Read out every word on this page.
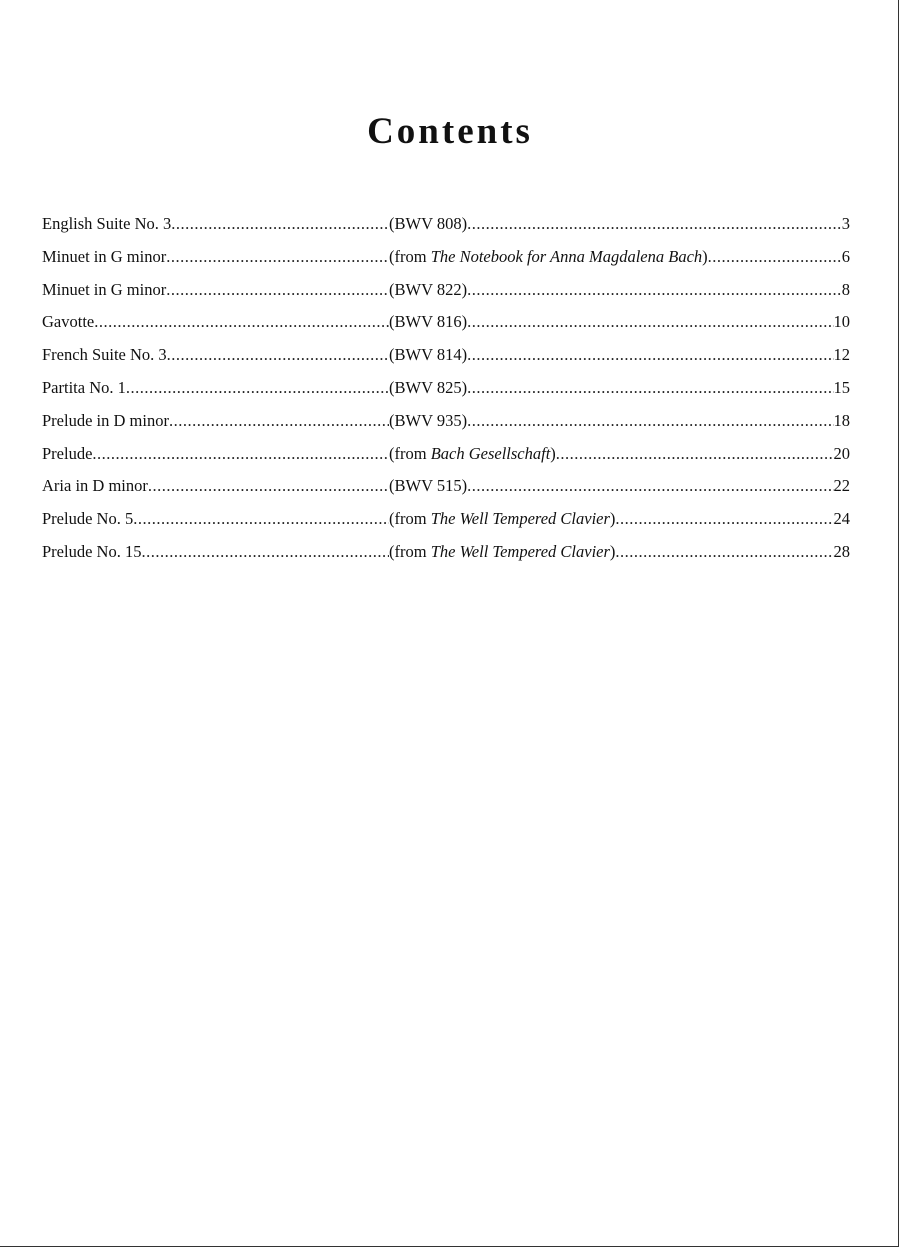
Contents
English Suite No. 3 .....	(BWV 808) .....	3
Minuet in G minor .....	(from The Notebook for Anna Magdalena Bach) .....	6
Minuet in G minor .....	(BWV 822) .....	8
Gavotte .....	(BWV 816) .....	10
French Suite No. 3 .....	(BWV 814) .....	12
Partita No. 1 .....	(BWV 825) .....	15
Prelude in D minor .....	(BWV 935) .....	18
Prelude .....	(from Bach Gesellschaft) .....	20
Aria in D minor .....	(BWV 515) .....	22
Prelude No. 5 .....	(from The Well Tempered Clavier) .....	24
Prelude No. 15 .....	(from The Well Tempered Clavier) .....	28
